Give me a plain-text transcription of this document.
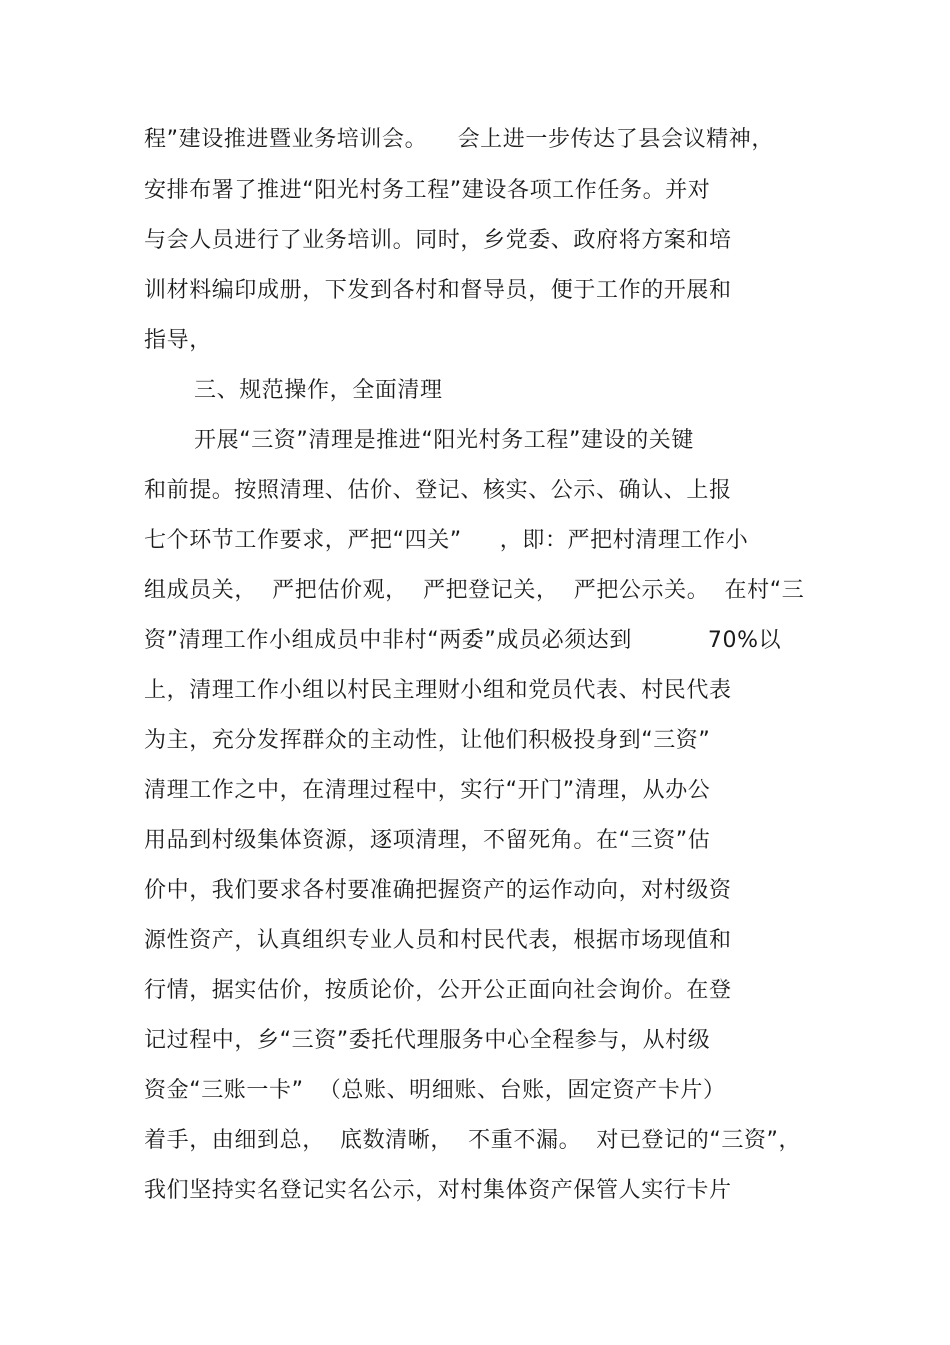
程”建设推进暨业务培训会。    会上进一步传达了县会议精神，
安排布署了推进“阳光村务工程”建设各项工作任务。并对
与会人员进行了业务培训。同时，乡党委、政府将方案和培
训材料编印成册，下发到各村和督导员，便于工作的开展和
指导，
三、规范操作，全面清理
开展“三资”清理是推进“阳光村务工程”建设的关键
和前提。按照清理、估价、登记、核实、公示、确认、上报
七个环节工作要求，严把“四关”     ，即：严把村清理工作小
组成员关，  严把估价观，  严把登记关，  严把公示关。  在村“三
资”清理工作小组成员中非村“两委”成员必须达到          70%以
上，清理工作小组以村民主理财小组和党员代表、村民代表
为主，充分发挥群众的主动性，让他们积极投身到“三资”
清理工作之中，在清理过程中，实行“开门”清理，从办公
用品到村级集体资源，逐项清理，不留死角。在“三资”估
价中，我们要求各村要准确把握资产的运作动向，对村级资
源性资产，认真组织专业人员和村民代表，根据市场现值和
行情，据实估价，按质论价，公开公正面向社会询价。在登
记过程中，乡“三资”委托代理服务中心全程参与，从村级
资金“三账一卡”  （总账、明细账、台账，固定资产卡片）
着手，由细到总，  底数清晰，  不重不漏。  对已登记的“三资”，
我们坚持实名登记实名公示，对村集体资产保管人实行卡片
